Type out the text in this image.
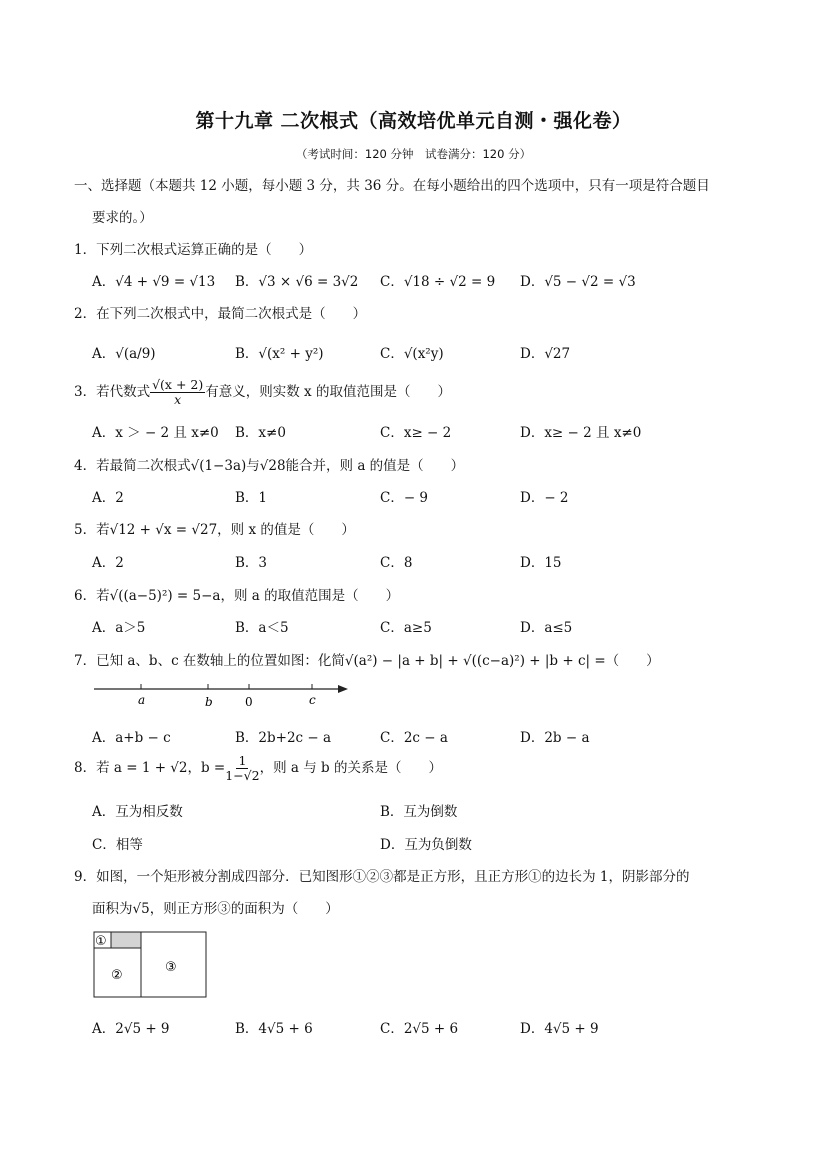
第十九章 二次根式（高效培优单元自测・强化卷）
（考试时间：120 分钟　试卷满分：120 分）
一、选择题（本题共 12 小题，每小题 3 分，共 36 分。在每小题给出的四个选项中，只有一项是符合题目
要求的。）
1．下列二次根式运算正确的是（　　）
A．√4 + √9 = √13 B．√3 × √6 = 3√2 C．√18 ÷ √2 = 9 D．√5 − √2 = √3
2．在下列二次根式中，最简二次根式是（　　）
A．√(a/9)	B．√(x² + y²)	C．√(x²y)	D．√27
3．若代数式 $\frac{√(x + 2)}{x}$ 有意义，则实数 x 的取值范围是（　　）
A．x ＞ − 2 且 x≠0 B．x≠0	C．x≥ − 2	D．x≥ − 2 且 x≠0
4．若最简二次根式√(1−3a)与√28能合并，则 a 的值是（　　）
A．2	B．1	C．− 9	D．− 2
5．若√12 + √x = √27，则 x 的值是（　　）
A．2	B．3	C．8	D．15
6．若√((a−5)²) = 5−a，则 a 的取值范围是（　　）
A．a＞5	B．a＜5	C．a≥5	D．a≤5
7．已知 a、b、c 在数轴上的位置如图：化简√(a²) − |a + b| + √((c−a)²) + |b + c| =（　　）
a	b	0	c
A．a+b − c	B．2b+2c − a	C．2c − a	D．2b − a
8．若 a = 1 + √2，$b = \frac{1}{1-√2}$ ，则 a 与 b 的关系是（　　）
A．互为相反数	B．互为倒数
C．相等	D．互为负倒数
9．如图，一个矩形被分割成四部分．已知图形①②③都是正方形，且正方形①的边长为 1，阴影部分的
面积为√5，则正方形③的面积为（　　）
①
②
③
A．2√5 + 9	B．4√5 + 6	C．2√5 + 6	D．4√5 + 9
